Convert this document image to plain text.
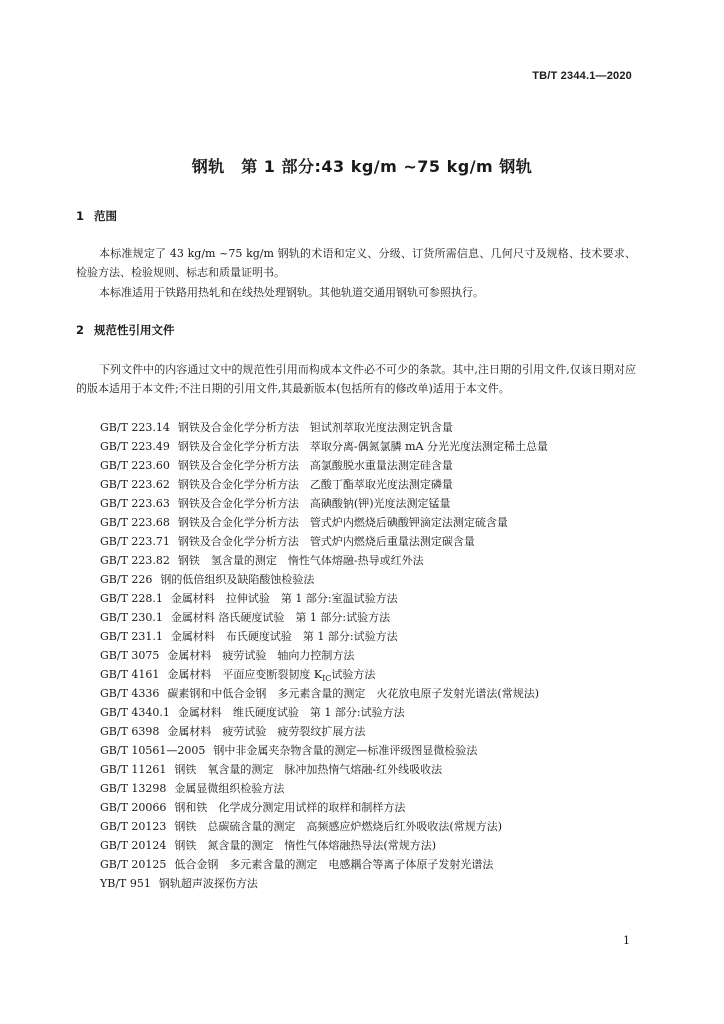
TB/T 2344.1—2020
钢轨　第 1 部分:43 kg/m ~75 kg/m 钢轨
1 范围
本标准规定了 43 kg/m ~75 kg/m 钢轨的术语和定义、分级、订货所需信息、几何尺寸及规格、技术要求、检验方法、检验规则、标志和质量证明书。
本标准适用于铁路用热轧和在线热处理钢轨。其他轨道交通用钢轨可参照执行。
2 规范性引用文件
下列文件中的内容通过文中的规范性引用而构成本文件必不可少的条款。其中,注日期的引用文件,仅该日期对应的版本适用于本文件;不注日期的引用文件,其最新版本(包括所有的修改单)适用于本文件。
GB/T 223.14 钢铁及合金化学分析方法　钽试剂萃取光度法测定钒含量
GB/T 223.49 钢铁及合金化学分析方法　萃取分离-偶氮氯膦 mA 分光光度法测定稀土总量
GB/T 223.60 钢铁及合金化学分析方法　高氯酸脱水重量法测定硅含量
GB/T 223.62 钢铁及合金化学分析方法　乙酸丁酯萃取光度法测定磷量
GB/T 223.63 钢铁及合金化学分析方法　高碘酸钠(钾)光度法测定锰量
GB/T 223.68 钢铁及合金化学分析方法　管式炉内燃烧后碘酸钾滴定法测定硫含量
GB/T 223.71 钢铁及合金化学分析方法　管式炉内燃烧后重量法测定碳含量
GB/T 223.82 钢铁　氢含量的测定　惰性气体熔融-热导或红外法
GB/T 226 钢的低倍组织及缺陷酸蚀检验法
GB/T 228.1 金属材料　拉伸试验　第 1 部分:室温试验方法
GB/T 230.1 金属材料 洛氏硬度试验　第 1 部分:试验方法
GB/T 231.1 金属材料　布氏硬度试验　第 1 部分:试验方法
GB/T 3075 金属材料　疲劳试验　轴向力控制方法
GB/T 4161 金属材料　平面应变断裂韧度 $K_{IC}$试验方法
GB/T 4336 碳素钢和中低合金钢　多元素含量的测定　火花放电原子发射光谱法(常规法)
GB/T 4340.1 金属材料　维氏硬度试验　第 1 部分:试验方法
GB/T 6398 金属材料　疲劳试验　疲劳裂纹扩展方法
GB/T 10561—2005 钢中非金属夹杂物含量的测定—标准评级图显微检验法
GB/T 11261 钢铁　氧含量的测定　脉冲加热惰气熔融-红外线吸收法
GB/T 13298 金属显微组织检验方法
GB/T 20066 钢和铁　化学成分测定用试样的取样和制样方法
GB/T 20123 钢铁　总碳硫含量的测定　高频感应炉燃烧后红外吸收法(常规方法)
GB/T 20124 钢铁　氮含量的测定　惰性气体熔融热导法(常规方法)
GB/T 20125 低合金钢　多元素含量的测定　电感耦合等离子体原子发射光谱法
YB/T 951 钢轨超声波探伤方法
1
